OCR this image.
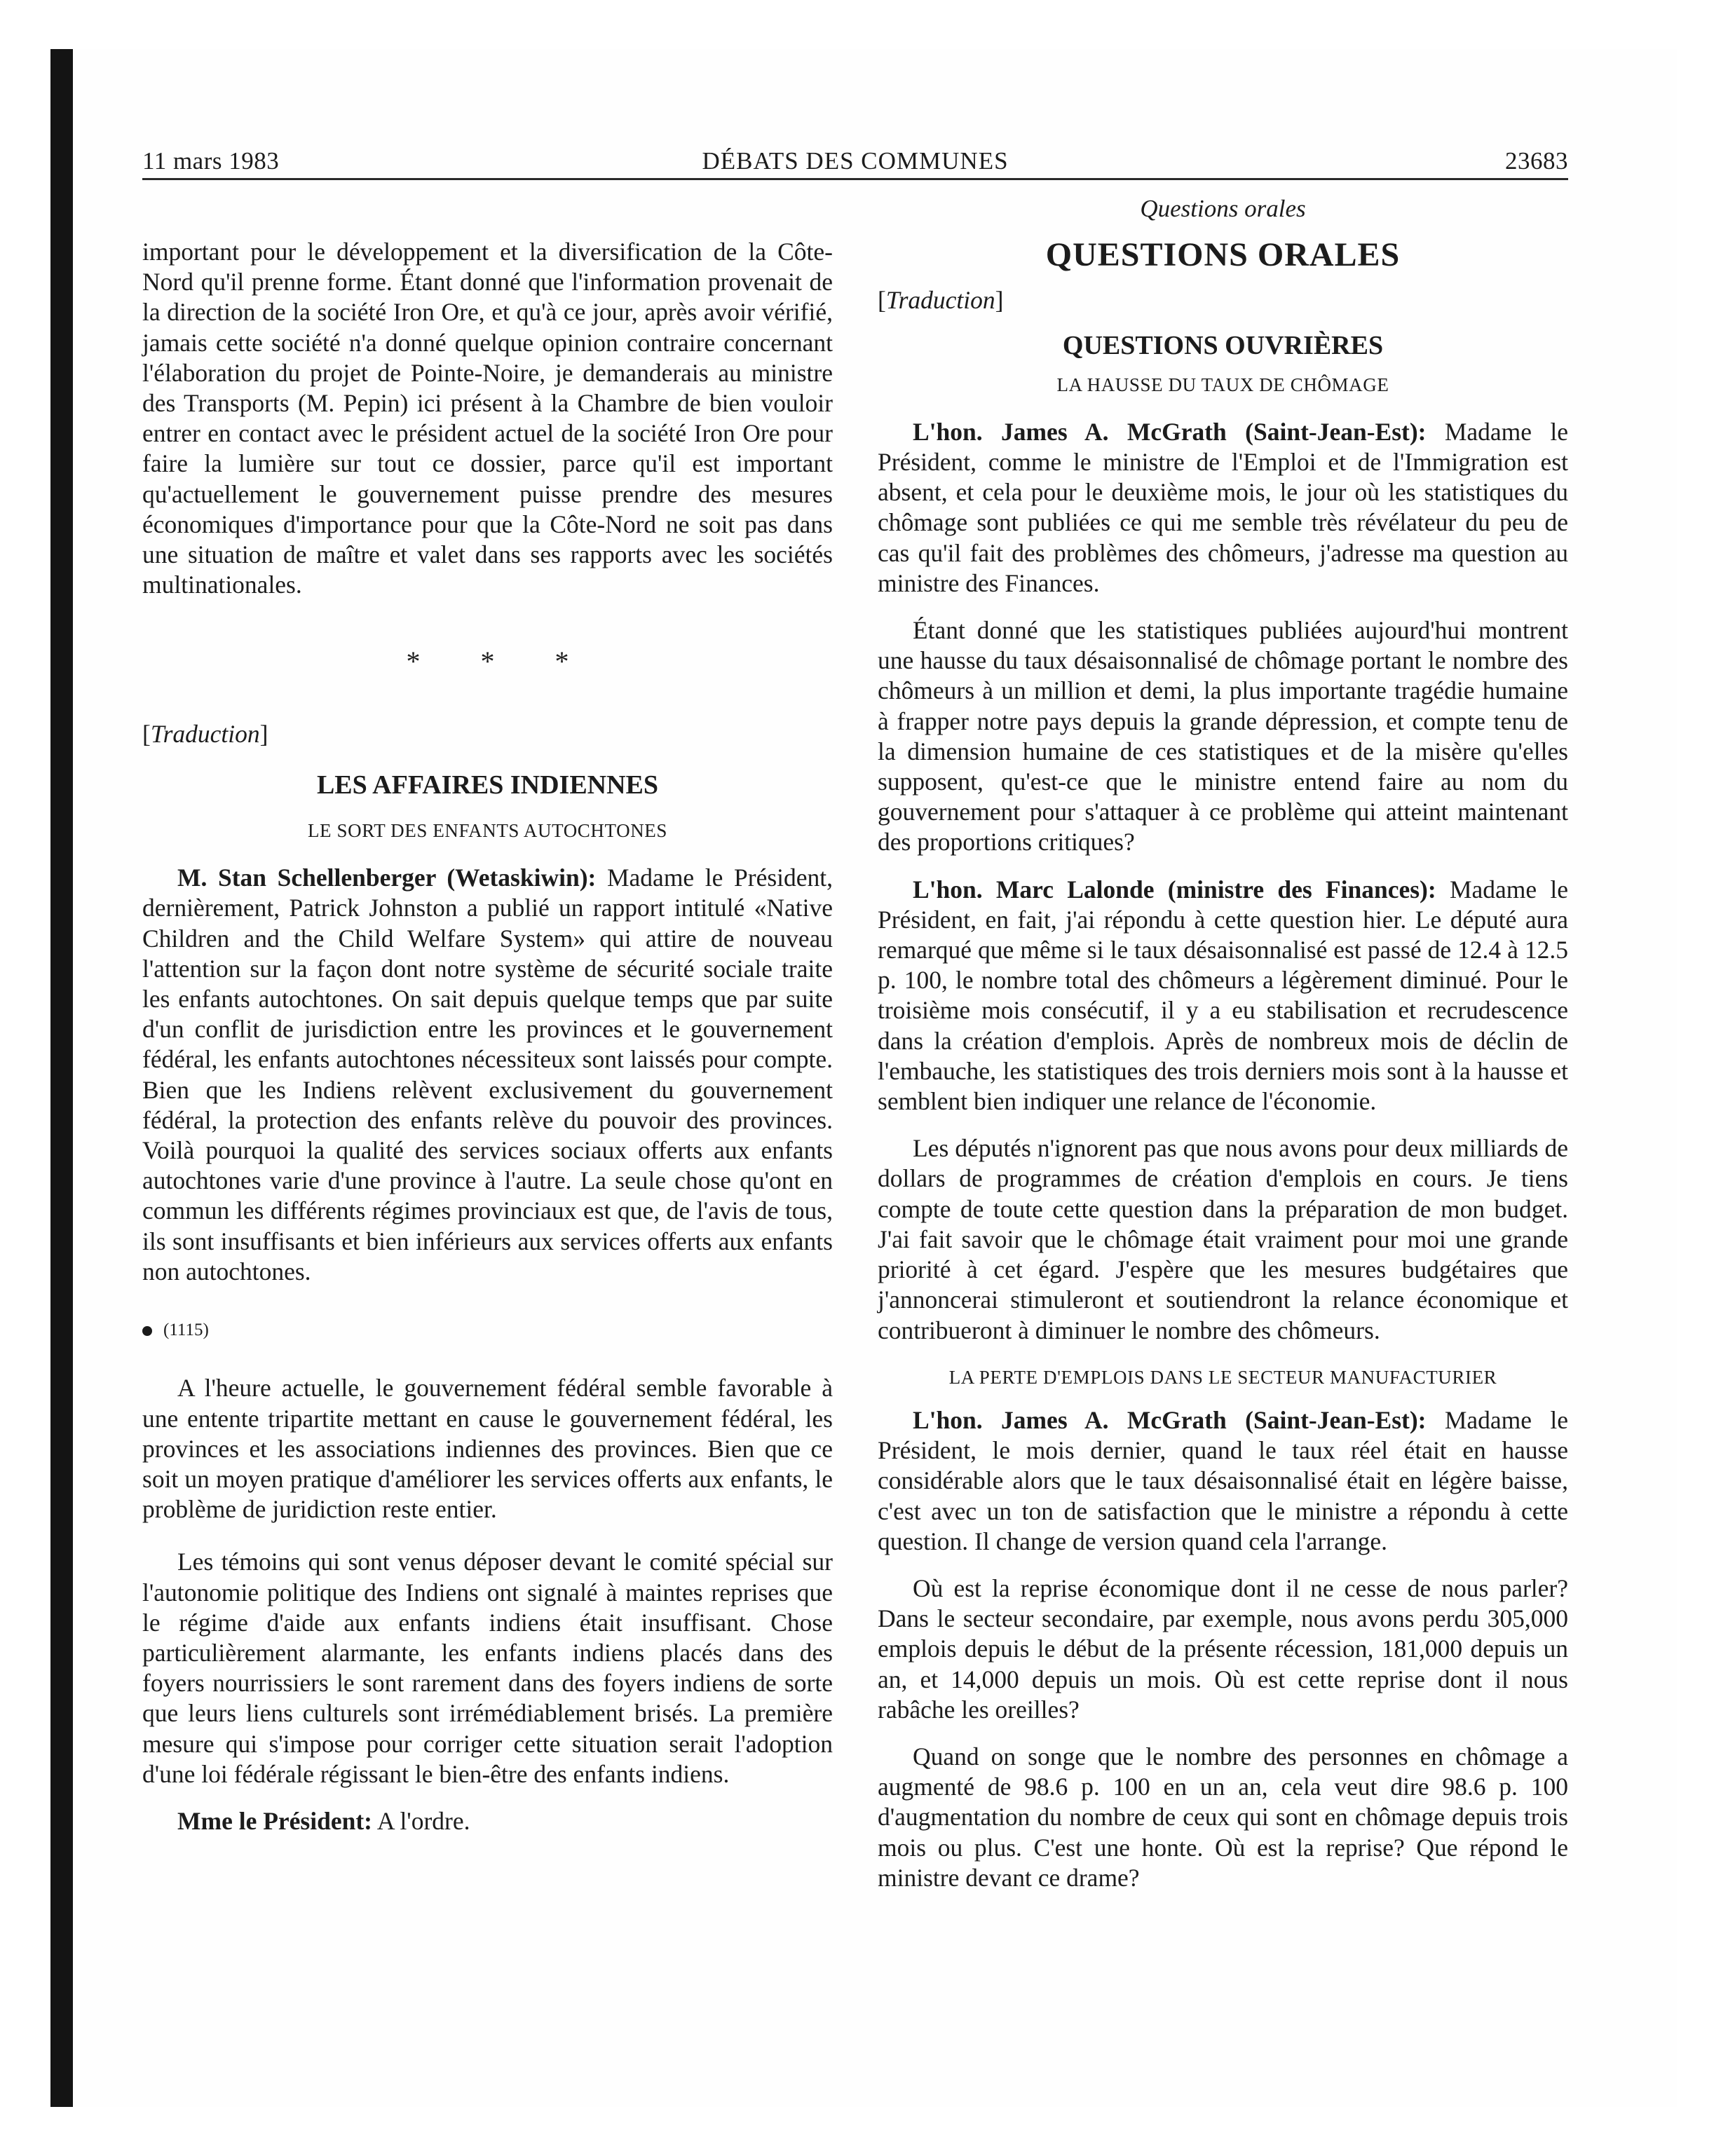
11 mars 1983	DÉBATS DES COMMUNES	23683
Questions orales

important pour le développement et la diversification de la Côte-Nord qu'il prenne forme. Étant donné que l'information provenait de la direction de la société Iron Ore, et qu'à ce jour, après avoir vérifié, jamais cette société n'a donné quelque opinion contraire concernant l'élaboration du projet de Pointe-Noire, je demanderais au ministre des Transports (M. Pepin) ici présent à la Chambre de bien vouloir entrer en contact avec le président actuel de la société Iron Ore pour faire la lumière sur tout ce dossier, parce qu'il est important qu'actuellement le gouvernement puisse prendre des mesures économiques d'importance pour que la Côte-Nord ne soit pas dans une situation de maître et valet dans ses rapports avec les sociétés multinationales.

* * *
[Traduction]
LES AFFAIRES INDIENNES
LE SORT DES ENFANTS AUTOCHTONES

M. Stan Schellenberger (Wetaskiwin): Madame le Président, dernièrement, Patrick Johnston a publié un rapport intitulé «Native Children and the Child Welfare System» qui attire de nouveau l'attention sur la façon dont notre système de sécurité sociale traite les enfants autochtones. On sait depuis quelque temps que par suite d'un conflit de jurisdiction entre les provinces et le gouvernement fédéral, les enfants autochtones nécessiteux sont laissés pour compte. Bien que les Indiens relèvent exclusivement du gouvernement fédéral, la protection des enfants relève du pouvoir des provinces. Voilà pourquoi la qualité des services sociaux offerts aux enfants autochtones varie d'une province à l'autre. La seule chose qu'ont en commun les différents régimes provinciaux est que, de l'avis de tous, ils sont insuffisants et bien inférieurs aux services offerts aux enfants non autochtones.

(1115)

A l'heure actuelle, le gouvernement fédéral semble favorable à une entente tripartite mettant en cause le gouvernement fédéral, les provinces et les associations indiennes des provinces. Bien que ce soit un moyen pratique d'améliorer les services offerts aux enfants, le problème de juridiction reste entier.

Les témoins qui sont venus déposer devant le comité spécial sur l'autonomie politique des Indiens ont signalé à maintes reprises que le régime d'aide aux enfants indiens était insuffisant. Chose particulièrement alarmante, les enfants indiens placés dans des foyers nourrissiers le sont rarement dans des foyers indiens de sorte que leurs liens culturels sont irrémédiablement brisés. La première mesure qui s'impose pour corriger cette situation serait l'adoption d'une loi fédérale régissant le bien-être des enfants indiens.

Mme le Président: A l'ordre.

QUESTIONS ORALES
[Traduction]
QUESTIONS OUVRIÈRES
LA HAUSSE DU TAUX DE CHÔMAGE

L'hon. James A. McGrath (Saint-Jean-Est): Madame le Président, comme le ministre de l'Emploi et de l'Immigration est absent, et cela pour le deuxième mois, le jour où les statistiques du chômage sont publiées ce qui me semble très révélateur du peu de cas qu'il fait des problèmes des chômeurs, j'adresse ma question au ministre des Finances.

Étant donné que les statistiques publiées aujourd'hui montrent une hausse du taux désaisonnalisé de chômage portant le nombre des chômeurs à un million et demi, la plus importante tragédie humaine à frapper notre pays depuis la grande dépression, et compte tenu de la dimension humaine de ces statistiques et de la misère qu'elles supposent, qu'est-ce que le ministre entend faire au nom du gouvernement pour s'attaquer à ce problème qui atteint maintenant des proportions critiques?

L'hon. Marc Lalonde (ministre des Finances): Madame le Président, en fait, j'ai répondu à cette question hier. Le député aura remarqué que même si le taux désaisonnalisé est passé de 12.4 à 12.5 p. 100, le nombre total des chômeurs a légèrement diminué. Pour le troisième mois consécutif, il y a eu stabilisation et recrudescence dans la création d'emplois. Après de nombreux mois de déclin de l'embauche, les statistiques des trois derniers mois sont à la hausse et semblent bien indiquer une relance de l'économie.

Les députés n'ignorent pas que nous avons pour deux milliards de dollars de programmes de création d'emplois en cours. Je tiens compte de toute cette question dans la préparation de mon budget. J'ai fait savoir que le chômage était vraiment pour moi une grande priorité à cet égard. J'espère que les mesures budgétaires que j'annoncerai stimuleront et soutiendront la relance économique et contribueront à diminuer le nombre des chômeurs.

LA PERTE D'EMPLOIS DANS LE SECTEUR MANUFACTURIER

L'hon. James A. McGrath (Saint-Jean-Est): Madame le Président, le mois dernier, quand le taux réel était en hausse considérable alors que le taux désaisonnalisé était en légère baisse, c'est avec un ton de satisfaction que le ministre a répondu à cette question. Il change de version quand cela l'arrange.

Où est la reprise économique dont il ne cesse de nous parler? Dans le secteur secondaire, par exemple, nous avons perdu 305,000 emplois depuis le début de la présente récession, 181,000 depuis un an, et 14,000 depuis un mois. Où est cette reprise dont il nous rabâche les oreilles?

Quand on songe que le nombre des personnes en chômage a augmenté de 98.6 p. 100 en un an, cela veut dire 98.6 p. 100 d'augmentation du nombre de ceux qui sont en chômage depuis trois mois ou plus. C'est une honte. Où est la reprise? Que répond le ministre devant ce drame?
